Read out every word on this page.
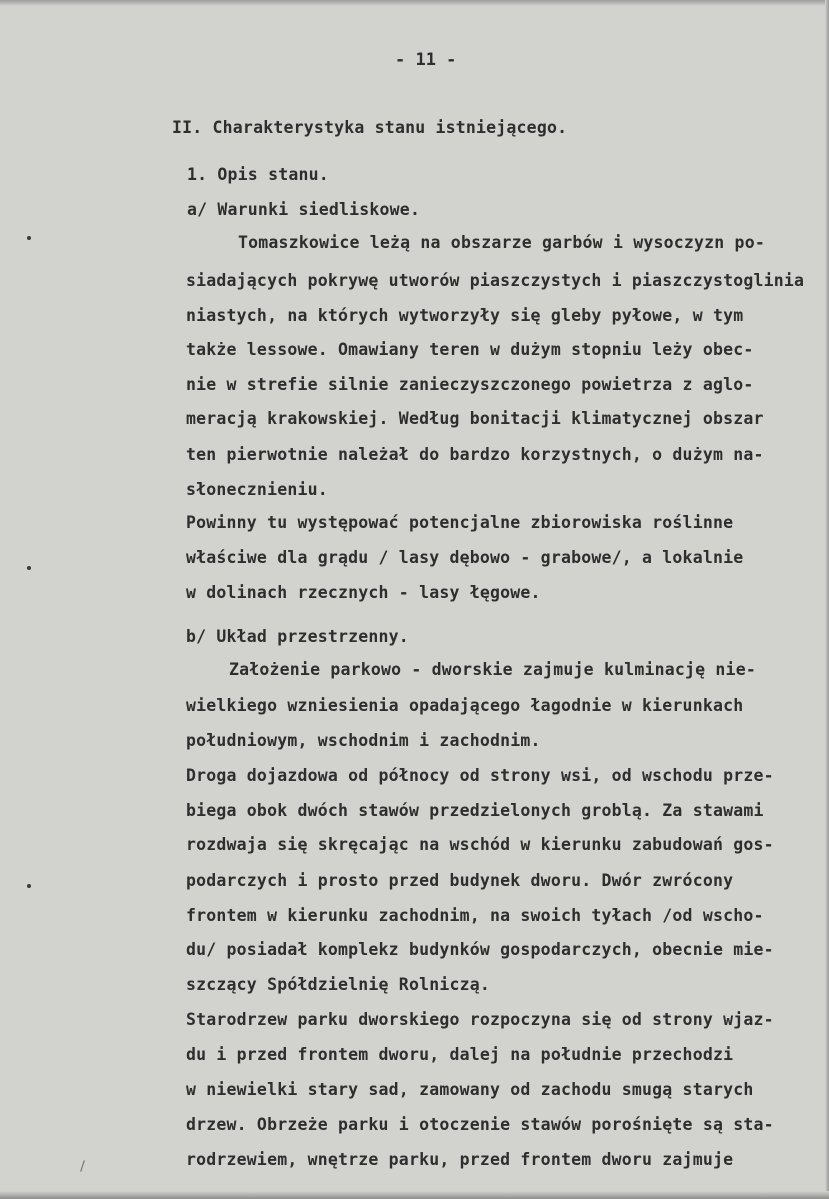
- 11 -
II. Charakterystyka stanu istniejącego.
1. Opis stanu.
a/ Warunki siedliskowe.
Tomaszkowice leżą na obszarze garbów i wysoczyzn po-
siadających pokrywę utworów piaszczystych i piaszczystoglinia
niastych, na których wytworzyły się gleby pyłowe, w tym
także lessowe. Omawiany teren w dużym stopniu leży obec-
nie w strefie silnie zanieczyszczonego powietrza z aglo-
meracją krakowskiej. Według bonitacji klimatycznej obszar
ten pierwotnie należał do bardzo korzystnych, o dużym na-
słonecznieniu.
Powinny tu występować potencjalne zbiorowiska roślinne
właściwe dla grądu / lasy dębowo - grabowe/, a lokalnie
w dolinach rzecznych - lasy łęgowe.
b/ Układ przestrzenny.
Założenie parkowo - dworskie zajmuje kulminację nie-
wielkiego wzniesienia opadającego łagodnie w kierunkach
południowym, wschodnim i zachodnim.
Droga dojazdowa od północy od strony wsi, od wschodu prze-
biega obok dwóch stawów przedzielonych groblą. Za stawami
rozdwaja się skręcając na wschód w kierunku zabudowań gos-
podarczych i prosto przed budynek dworu. Dwór zwrócony
frontem w kierunku zachodnim, na swoich tyłach /od wscho-
du/ posiadał komplekz budynków gospodarczych, obecnie mie-
szczący Spółdzielnię Rolniczą.
Starodrzew parku dworskiego rozpoczyna się od strony wjaz-
du i przed frontem dworu, dalej na południe przechodzi
w niewielki stary sad, zamowany od zachodu smugą starych
drzew. Obrzeże parku i otoczenie stawów porośnięte są sta-
rodrzewiem, wnętrze parku, przed frontem dworu zajmuje
